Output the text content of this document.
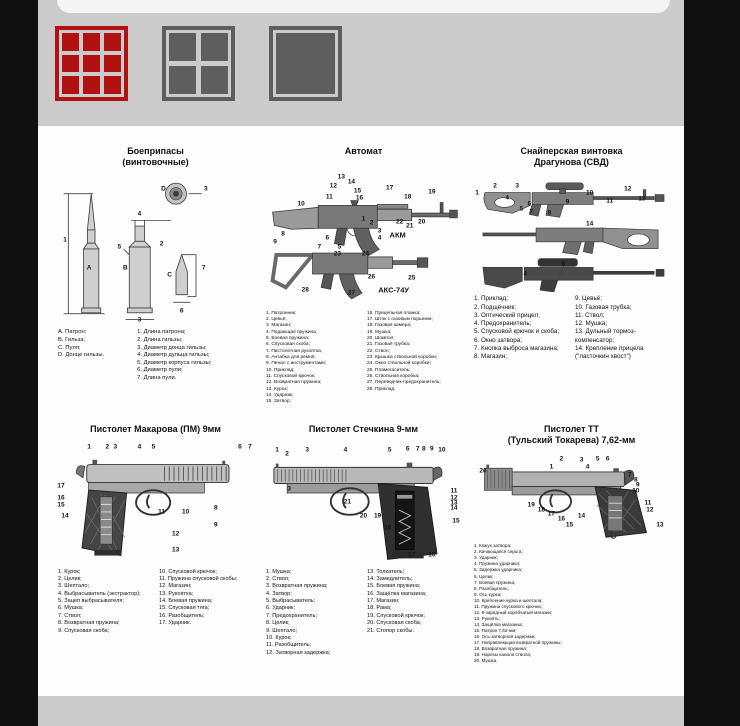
Боеприпасы
(винтовочные)
1
A
4
5	2
B
3
D	3
C
7
6
A. Патрон;
B. Гильза;
C. Пуля;
D. Донце гильзы.
1. Длина патрона;
2. Длина гильзы;
3. Диаметр донца гильзы;
4. Диаметр дульца гильзы;
5. Диаметр корпуса гильзы;
6. Диаметр пули;
7. Длина пули.
Автомат
13
14
12
15
11	16
17
18
19
10
1
2
3
4
22
21
20
8
9
6
7	5
АКМ
23	24
26	25
28	27	АКС-74У
1. Патронник;
2. Цевьё;
3. Магазин;
4. Подающая пружина;
5. Боевая пружина;
6. Спусковая скоба;
7. Пистолетная рукоятка;
8. Антабка для ремня;
9. Пенал с инструментами;
10. Приклад;
11. Спусковой крючок;
12. Возвратная пружина;
13. Курок;
14. Ударник;
15. Затвор;
16. Прицельная планка;
17. Шток с газовым поршнем;
18. Газовая камера;
19. Мушка;
20. Шомпол;
21. Газовая трубка;
22. Ствол;
23. Крышка ствольной коробки;
24. Окно ствольной коробки;
25. Пламегаситель;
26. Ствольная коробка;
27. Переводчик-предохранитель;
28. Приклад.
Снайперская винтовка
Драгунова (СВД)
1
2	3
4
10
12
13
11
9
5
6
7 8
14
6
4
1. Приклад;
2. Подщёчник;
3. Оптический прицел;
4. Предохранитель;
5. Спусковой крючок и скоба;
6. Окно затвора;
7. Кнопка выброса магазина;
8. Магазин;
9. Цевьё;
10. Газовая трубка;
11. Ствол;
12. Мушка;
13. Дульный тормоз-компенсатор;
14. Крепление прицела ("ласточкин хвост")
Пистолет Макарова (ПМ) 9мм
1 2 3	4 5	6 7
17
16
15
14
8
9
10
11
12
13
1. Курок;
2. Целик;
3. Шептало;
4. Выбрасыватель (экстрактор);
5. Зацеп выбрасывателя;
6. Мушка;
7. Ствол;
8. Возвратная пружина;
9. Спусковая скоба;
10. Спусковой крючок;
11. Пружина спусковой скобы;
12. Магазин;
13. Рукоятка;
14. Боевая пружина;
15. Спусковая тяга;
16. Разобщитель;
17. Ударник.
Пистолет Стечкина 9-мм
1
2
3	4	5 6 7 8 9 10
3
21
20 19
18
11
12
13
14
15
17 16
1. Мушка;
2. Ствол;
3. Возвратная пружина;
4. Затвор;
5. Выбрасыватель;
6. Ударник;
7. Предохранитель;
8. Целик;
9. Шептало;
10. Курок;
11. Разобщитель;
12. Затворная задержка;
13. Толкатель;
14. Замедлитель;
15. Боевая пружина;
16. Защёлка магазина;
17. Магазин;
18. Рама;
19. Спусковой крючок;
20. Спусковая скоба;
21. Стопор скобы.
Пистолет ТТ
(Тульский Токарева) 7,62-мм
20
1
2	3
4
5 6
7
8
9
10
11
12
13
19
18
17
16
15
14
1. Кожух затвора;
2. Качающаяся серьга;
3. Ударник;
4. Пружина ударника;
5. Задержка ударника;
6. Целик;
7. Боевая пружина;
8. Разобщитель;
9. Ось курка;
10. Крепление курка и шептала;
11. Пружина спускового крючка;
12. 8-зарядный коробчатый магазин;
13. Рукоять;
14. Защёлка магазина;
15. Патрон 7,62-мм;
16. Ось затворной задержки;
17. Направляющая возвратной пружины;
18. Возвратная пружина;
19. Нарезы канала ствола;
20. Мушка.
